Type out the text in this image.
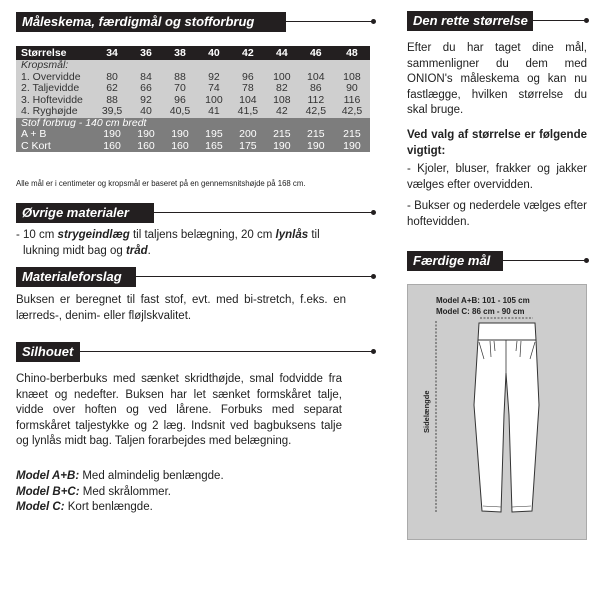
Måleskema, færdigmål og stofforbrug
Størrelse	34	36	38	40	42	44	46	48
Kropsmål:								
1. Overvidde	80	84	88	92	96	100	104	108
2. Taljevidde	62	66	70	74	78	82	86	90
3. Hoftevidde	88	92	96	100	104	108	112	116
4. Ryghøjde	39,5	40	40,5	41	41,5	42	42,5	42,5
Stof forbrug - 140 cm bredt								
A + B	190	190	190	195	200	215	215	215
C Kort	160	160	160	165	175	190	190	190
Alle mål er i centimeter og kropsmål er baseret på en gennemsnitshøjde på 168 cm.
Øvrige materialer
- 10 cm strygeindlæg til taljens belægning, 20 cm lynlås til
lukning midt bag og tråd.
Materialeforslag
Buksen er beregnet til fast stof, evt. med bi-stretch, f.eks. en lærreds-, denim- eller fløjlskvalitet.
Silhouet
Chino-berberbuks med sænket skridthøjde, smal fodvidde fra knæet og nedefter. Buksen har let sænket formskåret talje, vidde over hoften og ved lårene. Forbuks med separat formskåret taljestykke og 2 læg. Indsnit ved bagbuksens talje og lynlås midt bag. Taljen forarbejdes med belægning.
Model A+B: Med almindelig benlængde.
Model B+C: Med skrålommer.
Model C: Kort benlængde.
Den rette størrelse
Efter du har taget dine mål, sammenligner du dem med ONION's måleskema og kan nu fastlægge, hvilken størrelse du skal bruge.
Ved valg af størrelse er følgende vigtigt:
- Kjoler, bluser, frakker og jakker vælges efter overvidden.
- Bukser og nederdele vælges efter hoftevidden.
Færdige mål
Model A+B: 101 - 105 cm
Model C: 86 cm - 90 cm
Sidelængde
